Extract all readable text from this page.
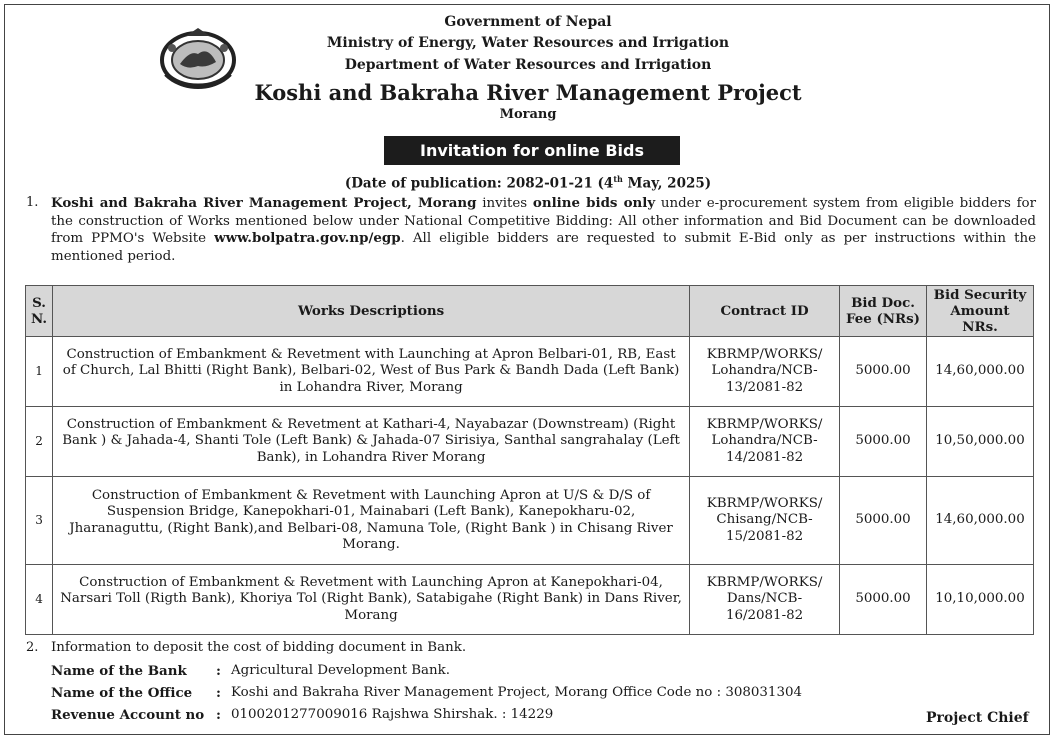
Government of Nepal
Ministry of Energy, Water Resources and Irrigation
Department of Water Resources and Irrigation
Koshi and Bakraha River Management Project
Morang
Invitation for online Bids
(Date of publication: 2082-01-21 (4th May, 2025)
1. Koshi and Bakraha River Management Project, Morang invites online bids only under e-procurement system from eligible bidders for the construction of Works mentioned below under National Competitive Bidding: All other information and Bid Document can be downloaded from PPMO's Website www.bolpatra.gov.np/egp. All eligible bidders are requested to submit E-Bid only as per instructions within the mentioned period.
S. N.	Works Descriptions	Contract ID	Bid Doc. Fee (NRs)	Bid Security Amount NRs.
1	Construction of Embankment & Revetment with Launching at Apron Belbari-01, RB, East of Church, Lal Bhitti (Right Bank), Belbari-02, West of Bus Park & Bandh Dada (Left Bank) in Lohandra River, Morang	KBRMP/WORKS/ Lohandra/NCB- 13/2081-82	5000.00	14,60,000.00
2	Construction of Embankment & Revetment at Kathari-4, Nayabazar (Downstream) (Right Bank ) & Jahada-4, Shanti Tole (Left Bank) & Jahada-07 Sirisiya, Santhal sangrahalay (Left Bank), in Lohandra River Morang	KBRMP/WORKS/ Lohandra/NCB- 14/2081-82	5000.00	10,50,000.00
3	Construction of Embankment & Revetment with Launching Apron at U/S & D/S of Suspension Bridge, Kanepokhari-01, Mainabari (Left Bank), Kanepokharu-02, Jharanaguttu, (Right Bank),and Belbari-08, Namuna Tole, (Right Bank ) in Chisang River Morang.	KBRMP/WORKS/ Chisang/NCB- 15/2081-82	5000.00	14,60,000.00
4	Construction of Embankment & Revetment with Launching Apron at Kanepokhari-04, Narsari Toll (Rigth Bank), Khoriya Tol (Right Bank), Satabigahe (Right Bank) in Dans River, Morang	KBRMP/WORKS/ Dans/NCB- 16/2081-82	5000.00	10,10,000.00
2. Information to deposit the cost of bidding document in Bank.
Name of the Bank : Agricultural Development Bank.
Name of the Office : Koshi and Bakraha River Management Project, Morang Office Code no : 308031304
Revenue Account no : 0100201277009016 Rajshwa Shirshak. : 14229	Project Chief
